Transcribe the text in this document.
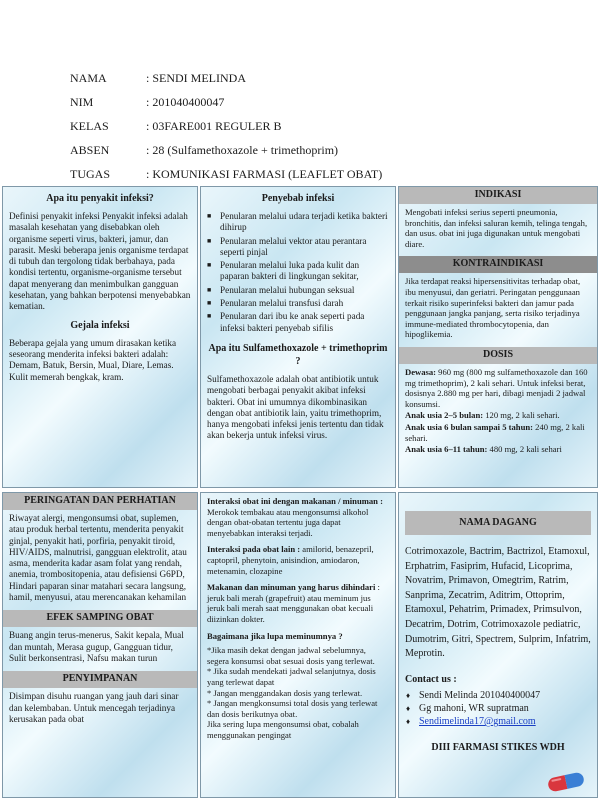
NAMA	: SENDI MELINDA
NIM	: 201040400047
KELAS	: 03FARE001 REGULER B
ABSEN	: 28 (Sulfamethoxazole + trimethoprim)
TUGAS	: KOMUNIKASI FARMASI (LEAFLET OBAT)
Apa itu penyakit infeksi?

Definisi penyakit infeksi Penyakit infeksi adalah masalah kesehatan yang disebabkan oleh organisme seperti virus, bakteri, jamur, dan parasit. Meski beberapa jenis organisme terdapat di tubuh dan tergolong tidak berbahaya, pada kondisi tertentu, organisme-organisme tersebut dapat menyerang dan menimbulkan gangguan kesehatan, yang bahkan berpotensi menyebabkan kematian.

Gejala infeksi

Beberapa gejala yang umum dirasakan ketika seseorang menderita infeksi bakteri adalah: Demam, Batuk, Bersin, Mual, Diare, Lemas. Kulit memerah bengkak, kram.

Penyebab infeksi
■ Penularan melalui udara terjadi ketika bakteri dihirup
■ Penularan melalui vektor atau perantara seperti pinjal
■ Penularan melalui luka pada kulit dan paparan bakteri di lingkungan sekitar,
■ Penularan melalui hubungan seksual
■ Penularan melalui transfusi darah
■ Penularan dari ibu ke anak seperti pada infeksi bakteri penyebab sifilis
Apa itu Sulfamethoxazole + trimethoprim ?

Sulfamethoxazole adalah obat antibiotik untuk mengobati berbagai penyakit akibat infeksi bakteri. Obat ini umumnya dikombinasikan dengan obat antibiotik lain, yaitu trimethoprim, hanya mengobati infeksi jenis tertentu dan tidak akan bekerja untuk infeksi virus.

INDIKASI

Mengobati infeksi serius seperti pneumonia, bronchitis, dan infeksi saluran kemih, telinga tengah, dan usus. obat ini juga digunakan untuk mengobati diare.

KONTRAINDIKASI

Jika terdapat reaksi hipersensitivitas terhadap obat, ibu menyusui, dan geriatri. Peringatan penggunaan terkait risiko superinfeksi bakteri dan jamur pada penggunaan jangka panjang, serta risiko terjadinya immune-mediated thrombocytopenia, dan hipoglikemia.

DOSIS

Dewasa: 960 mg (800 mg sulfamethoxazole dan 160 mg trimethoprim), 2 kali sehari. Untuk infeksi berat, dosisnya 2.880 mg per hari, dibagi menjadi 2 jadwal konsumsi.

Anak usia 2–5 bulan: 120 mg, 2 kali sehari.

Anak usia 6 bulan sampai 5 tahun: 240 mg, 2 kali sehari.

Anak usia 6–11 tahun: 480 mg, 2 kali sehari

PERINGATAN DAN PERHATIAN

Riwayat alergi, mengonsumsi obat, suplemen, atau produk herbal tertentu, menderita penyakit ginjal, penyakit hati, porfiria, penyakit tiroid, HIV/AIDS, malnutrisi, gangguan elektrolit, atau asma, menderita kadar asam folat yang rendah, anemia, trombositopenia, atau defisiensi G6PD, Hindari paparan sinar matahari secara langsung, hamil, menyusui, atau merencanakan kehamilan

EFEK SAMPING OBAT

Buang angin terus-menerus, Sakit kepala, Mual dan muntah, Merasa gugup, Gangguan tidur, Sulit berkonsentrasi, Nafsu makan turun

PENYIMPANAN

Disimpan disuhu ruangan yang jauh dari sinar dan kelembaban. Untuk mencegah terjadinya kerusakan pada obat

Interaksi obat ini dengan makanan / minuman : Merokok tembakau atau mengonsumsi alkohol dengan obat-obatan tertentu juga dapat menyebabkan interaksi terjadi.

Interaksi pada obat lain : amilorid, benazepril, captopril, phenytoin, anisindion, amiodaron, metenamin, clozapine

Makanan dan minuman yang harus dihindari : jeruk bali merah (grapefruit) atau meminum jus jeruk bali merah saat menggunakan obat kecuali diizinkan dokter.

Bagaimana jika lupa meminumnya ?

*Jika masih dekat dengan jadwal sebelumnya, segera konsumsi obat sesuai dosis yang terlewat.
* Jika sudah mendekati jadwal selanjutnya, dosis yang terlewat dapat
* Jangan menggandakan dosis yang terlewat.
* Jangan mengkonsumsi total dosis yang terlewat dan dosis berikutnya obat.
Jika sering lupa mengonsumsi obat, cobalah menggunakan pengingat

NAMA DAGANG

Cotrimoxazole, Bactrim, Bactrizol, Etamoxul, Erphatrim, Fasiprim, Hufacid, Licoprima, Novatrim, Primavon, Omegtrim, Ratrim, Sanprima, Zecatrim, Aditrim, Ottoprim, Etamoxul, Pehatrim, Primadex, Primsulvon, Decatrim, Dotrim, Cotrimoxazole pediatric, Dumotrim, Gitri, Spectrem, Sulprim, Infatrim, Meprotin.

Contact us :
♦ Sendi Melinda 201040400047
♦ Gg mahoni, WR supratman
♦ Sendimelinda17@gmail.com
DIII FARMASI STIKES WDH
